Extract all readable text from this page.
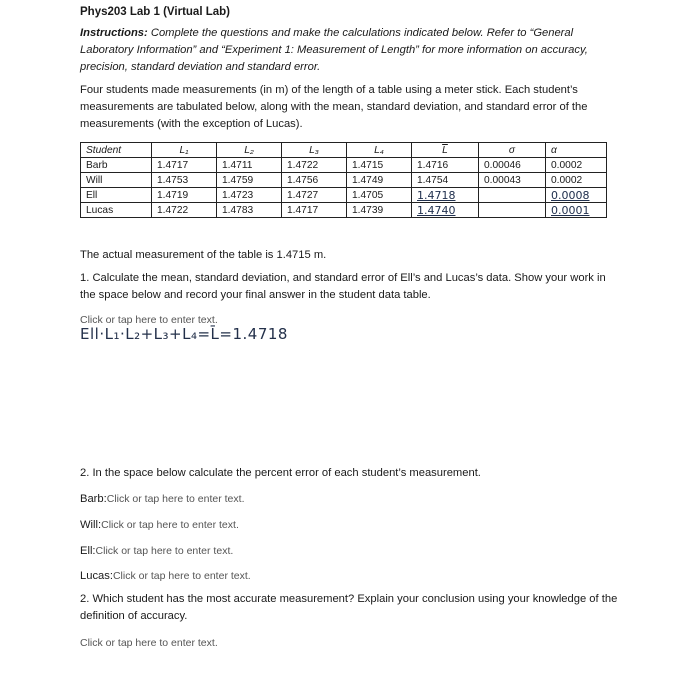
Phys203 Lab 1 (Virtual Lab)
Instructions: Complete the questions and make the calculations indicated below. Refer to “General Laboratory Information” and “Experiment 1: Measurement of Length” for more information on accuracy, precision, standard deviation and standard error.
Four students made measurements (in m) of the length of a table using a meter stick. Each student’s measurements are tabulated below, along with the mean, standard deviation, and standard error of the measurements (with the exception of Lucas).
Student	L₁	L₂	L₃	L₄	$\overline{L}$	σ	α
Barb	1.4717	1.4711	1.4722	1.4715	1.4716	0.00046	0.0002
Will	1.4753	1.4759	1.4756	1.4749	1.4754	0.00043	0.0002
Ell	1.4719	1.4723	1.4727	1.4705	1.4718		0.0008
Lucas	1.4722	1.4783	1.4717	1.4739	1.4740		0.0001
The actual measurement of the table is 1.4715 m.
1. Calculate the mean, standard deviation, and standard error of Ell’s and Lucas’s data. Show your work in the space below and record your final answer in the student data table.
Click or tap here to enter text.
Ell·L₁·L₂+L₃+L₄=L̄=1.4718
2. In the space below calculate the percent error of each student’s measurement.
Barb:Click or tap here to enter text.
Will:Click or tap here to enter text.
Ell:Click or tap here to enter text.
Lucas:Click or tap here to enter text.
2. Which student has the most accurate measurement? Explain your conclusion using your knowledge of the definition of accuracy.
Click or tap here to enter text.
